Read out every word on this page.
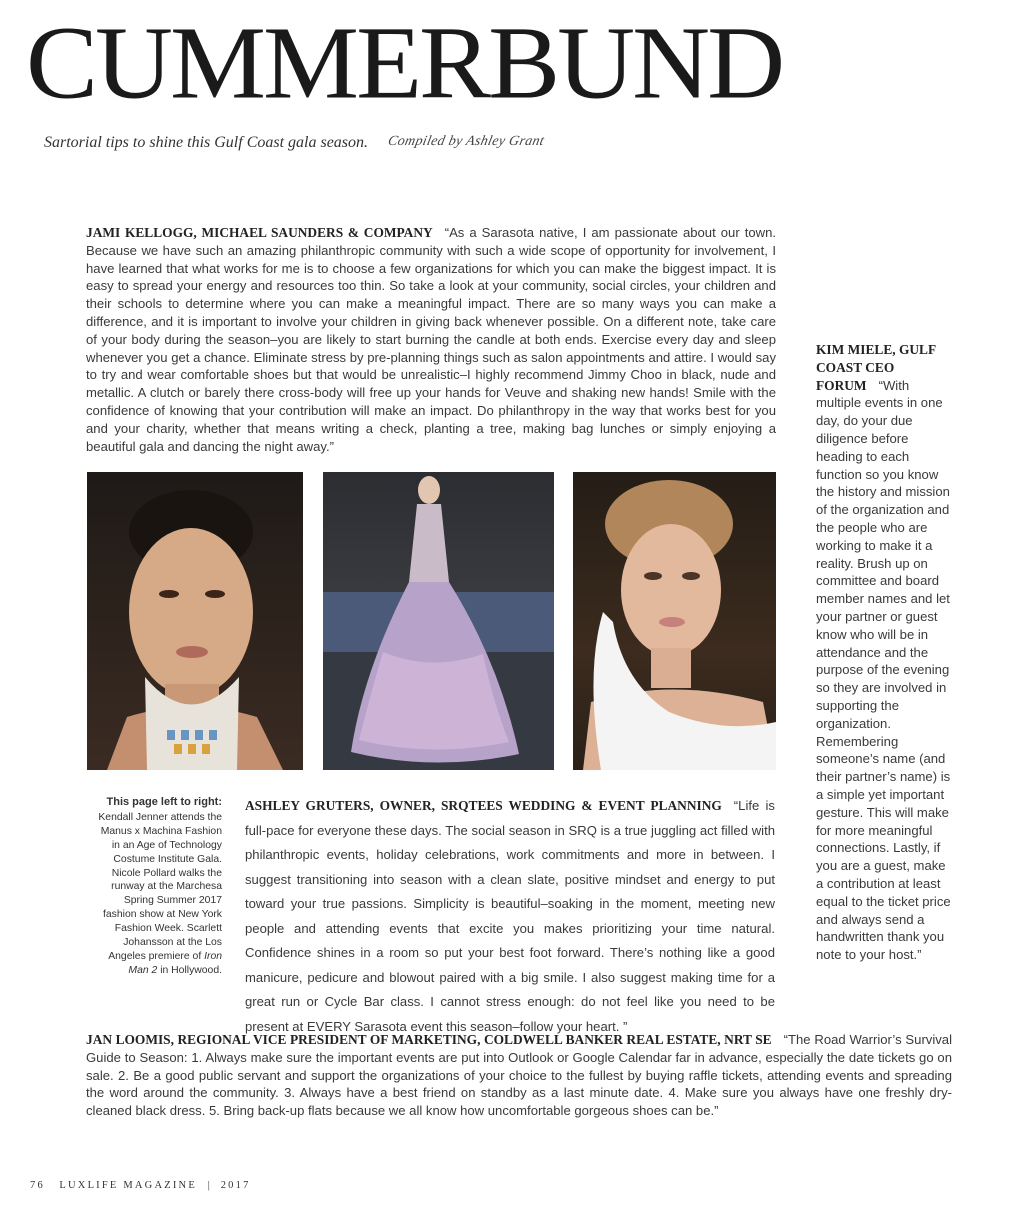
CUMMERBUND
Sartorial tips to shine this Gulf Coast gala season. Compiled by Ashley Grant
JAMI KELLOGG, MICHAEL SAUNDERS & COMPANY “As a Sarasota native, I am passionate about our town. Because we have such an amazing philanthropic community with such a wide scope of opportunity for involvement, I have learned that what works for me is to choose a few organizations for which you can make the biggest impact. It is easy to spread your energy and resources too thin. So take a look at your community, social circles, your children and their schools to determine where you can make a meaningful impact. There are so many ways you can make a difference, and it is important to involve your children in giving back whenever possible. On a different note, take care of your body during the season–you are likely to start burning the candle at both ends. Exercise every day and sleep whenever you get a chance. Eliminate stress by pre-planning things such as salon appointments and attire. I would say to try and wear comfortable shoes but that would be unrealistic–I highly recommend Jimmy Choo in black, nude and metallic. A clutch or barely there cross-body will free up your hands for Veuve and shaking new hands! Smile with the confidence of knowing that your contribution will make an impact. Do philanthropy in the way that works best for you and your charity, whether that means writing a check, planting a tree, making bag lunches or simply enjoying a beautiful gala and dancing the night away.”
This page left to right:
Kendall Jenner attends the Manus x Machina Fashion in an Age of Technology Costume Institute Gala. Nicole Pollard walks the runway at the Marchesa Spring Summer 2017 fashion show at New York Fashion Week. Scarlett Johansson at the Los Angeles premiere of Iron Man 2 in Hollywood.
ASHLEY GRUTERS, OWNER, SRQTEES WEDDING & EVENT PLANNING “Life is full-pace for everyone these days. The social season in SRQ is a true juggling act filled with philanthropic events, holiday celebrations, work commitments and more in between. I suggest transitioning into season with a clean slate, positive mindset and energy to put toward your true passions. Simplicity is beautiful–soaking in the moment, meeting new people and attending events that excite you makes prioritizing your time natural. Confidence shines in a room so put your best foot forward. There’s nothing like a good manicure, pedicure and blowout paired with a big smile. I also suggest making time for a great run or Cycle Bar class. I cannot stress enough: do not feel like you need to be present at EVERY Sarasota event this season–follow your heart. ”
KIM MIELE, GULF COAST CEO FORUM “With multiple events in one day, do your due diligence before heading to each function so you know the history and mission of the organization and the people who are working to make it a reality. Brush up on committee and board member names and let your partner or guest know who will be in attendance and the purpose of the evening so they are involved in supporting the organization. Remembering someone’s name (and their partner’s name) is a simple yet important gesture. This will make for more meaningful connections. Lastly, if you are a guest, make a contribution at least equal to the ticket price and always send a handwritten thank you note to your host.”
JAN LOOMIS, REGIONAL VICE PRESIDENT OF MARKETING, COLDWELL BANKER REAL ESTATE, NRT SE “The Road Warrior’s Survival Guide to Season: 1. Always make sure the important events are put into Outlook or Google Calendar far in advance, especially the date tickets go on sale. 2. Be a good public servant and support the organizations of your choice to the fullest by buying raffle tickets, attending events and spreading the word around the community. 3. Always have a best friend on standby as a last minute date. 4. Make sure you always have one freshly dry-cleaned black dress. 5. Bring back-up flats because we all know how uncomfortable gorgeous shoes can be.”
76 LUXLIFE MAGAZINE | 2017
